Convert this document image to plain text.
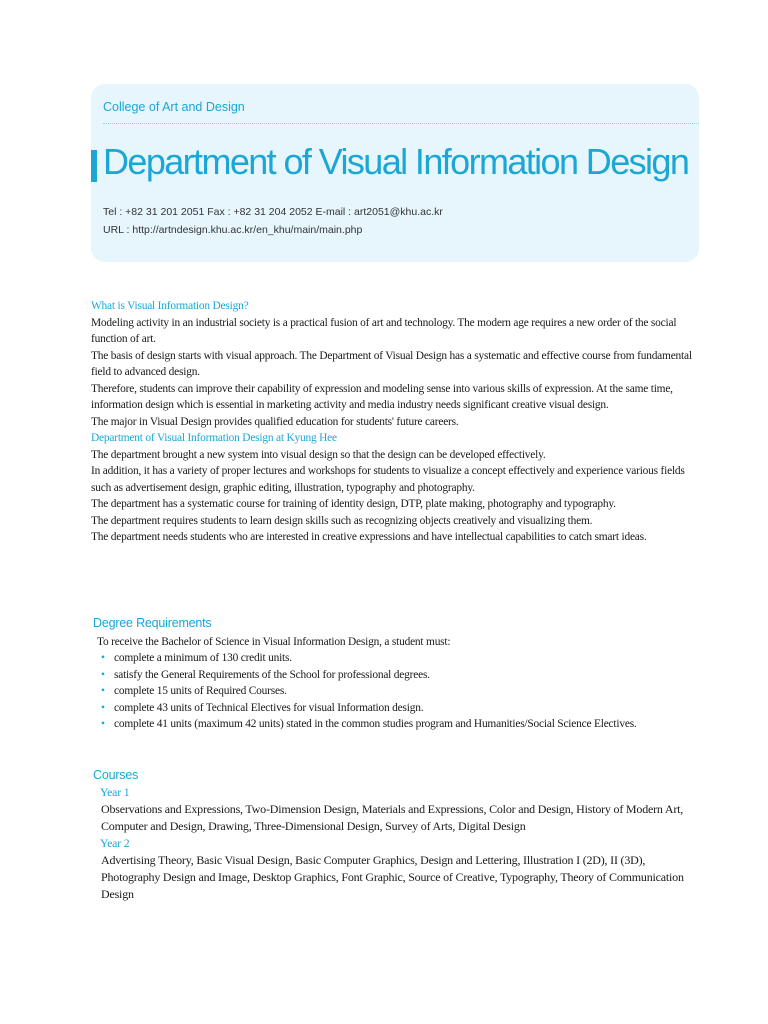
College of Art and Design
Department of Visual Information Design
Tel : +82 31 201 2051 Fax : +82 31 204 2052 E-mail : art2051@khu.ac.kr
URL : http://artndesign.khu.ac.kr/en_khu/main/main.php

What is Visual Information Design?

Modeling activity in an industrial society is a practical fusion of art and technology. The modern age requires a new order of the social function of art.

The basis of design starts with visual approach. The Department of Visual Design has a systematic and effective course from fundamental field to advanced design.

Therefore, students can improve their capability of expression and modeling sense into various skills of expression. At the same time, information design which is essential in marketing activity and media industry needs significant creative visual design.

The major in Visual Design provides qualified education for students' future careers.

Department of Visual Information Design at Kyung Hee

The department brought a new system into visual design so that the design can be developed effectively.

In addition, it has a variety of proper lectures and workshops for students to visualize a concept effectively and experience various fields such as advertisement design, graphic editing, illustration, typography and photography.

The department has a systematic course for training of identity design, DTP, plate making, photography and typography.

The department requires students to learn design skills such as recognizing objects creatively and visualizing them.

The department needs students who are interested in creative expressions and have intellectual capabilities to catch smart ideas.

Degree Requirements

To receive the Bachelor of Science in Visual Information Design, a student must:

• complete a minimum of 130 credit units.
• satisfy the General Requirements of the School for professional degrees.
• complete 15 units of Required Courses.
• complete 43 units of Technical Electives for visual Information design.
• complete 41 units (maximum 42 units) stated in the common studies program and Humanities/Social Science Electives.

Courses

Year 1

Observations and Expressions, Two-Dimension Design, Materials and Expressions, Color and Design, History of Modern Art, Computer and Design, Drawing, Three-Dimensional Design, Survey of Arts, Digital Design

Year 2

Advertising Theory, Basic Visual Design, Basic Computer Graphics, Design and Lettering, Illustration I (2D), II (3D), Photography Design and Image, Desktop Graphics, Font Graphic, Source of Creative, Typography, Theory of Communication Design
